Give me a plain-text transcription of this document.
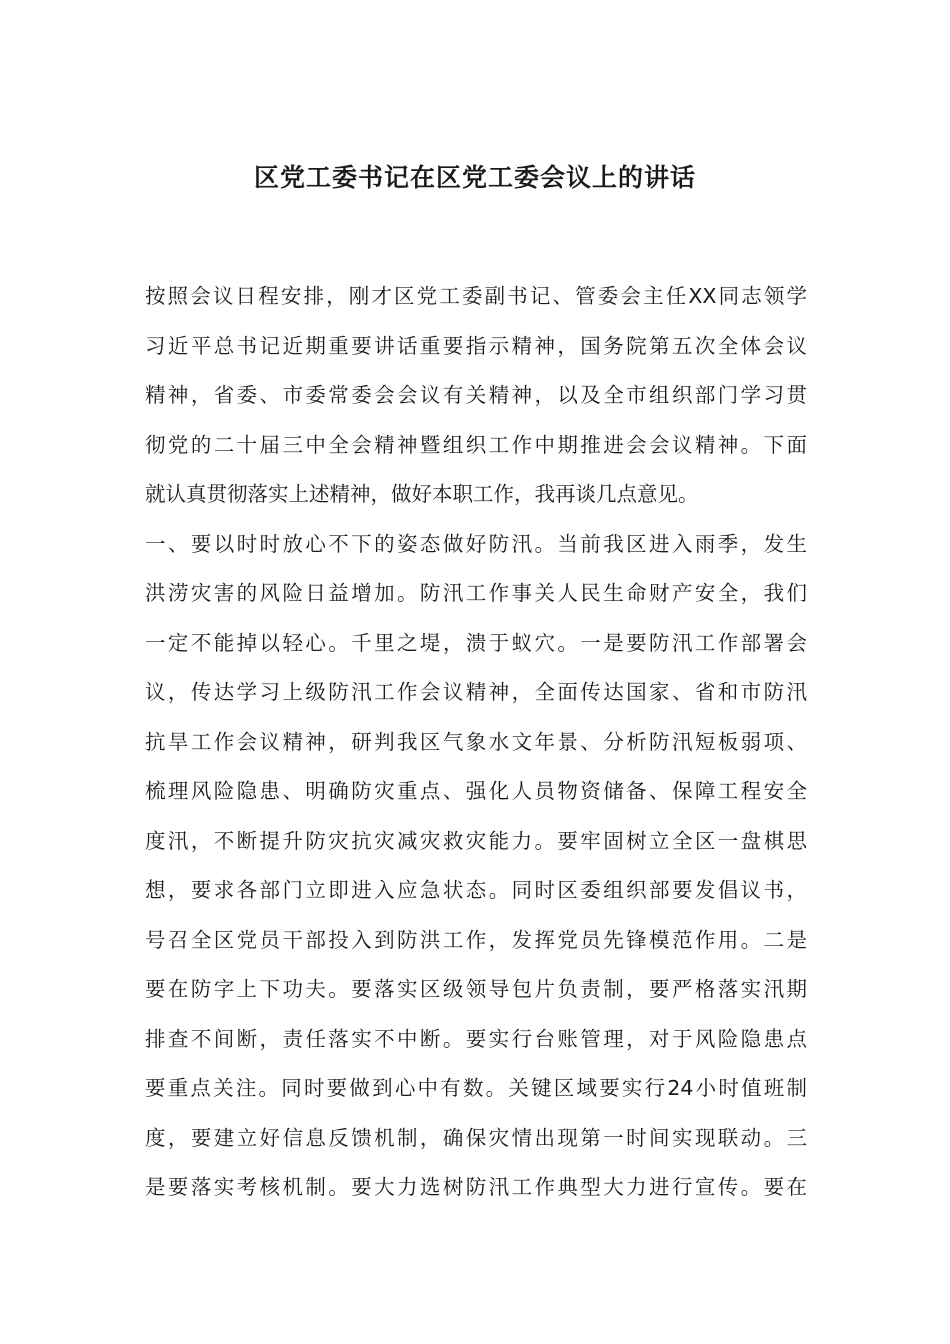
区党工委书记在区党工委会议上的讲话
按照会议日程安排，刚才区党工委副书记、管委会主任XX同志领学
习近平总书记近期重要讲话重要指示精神，国务院第五次全体会议
精神，省委、市委常委会会议有关精神，以及全市组织部门学习贯
彻党的二十届三中全会精神暨组织工作中期推进会会议精神。下面
就认真贯彻落实上述精神，做好本职工作，我再谈几点意见。
一、要以时时放心不下的姿态做好防汛。当前我区进入雨季，发生
洪涝灾害的风险日益增加。防汛工作事关人民生命财产安全，我们
一定不能掉以轻心。千里之堤，溃于蚁穴。一是要防汛工作部署会
议，传达学习上级防汛工作会议精神，全面传达国家、省和市防汛
抗旱工作会议精神，研判我区气象水文年景、分析防汛短板弱项、
梳理风险隐患、明确防灾重点、强化人员物资储备、保障工程安全
度汛，不断提升防灾抗灾减灾救灾能力。要牢固树立全区一盘棋思
想，要求各部门立即进入应急状态。同时区委组织部要发倡议书，
号召全区党员干部投入到防洪工作，发挥党员先锋模范作用。二是
要在防字上下功夫。要落实区级领导包片负责制，要严格落实汛期
排查不间断，责任落实不中断。要实行台账管理，对于风险隐患点
要重点关注。同时要做到心中有数。关键区域要实行24小时值班制
度，要建立好信息反馈机制，确保灾情出现第一时间实现联动。三
是要落实考核机制。要大力选树防汛工作典型大力进行宣传。要在
